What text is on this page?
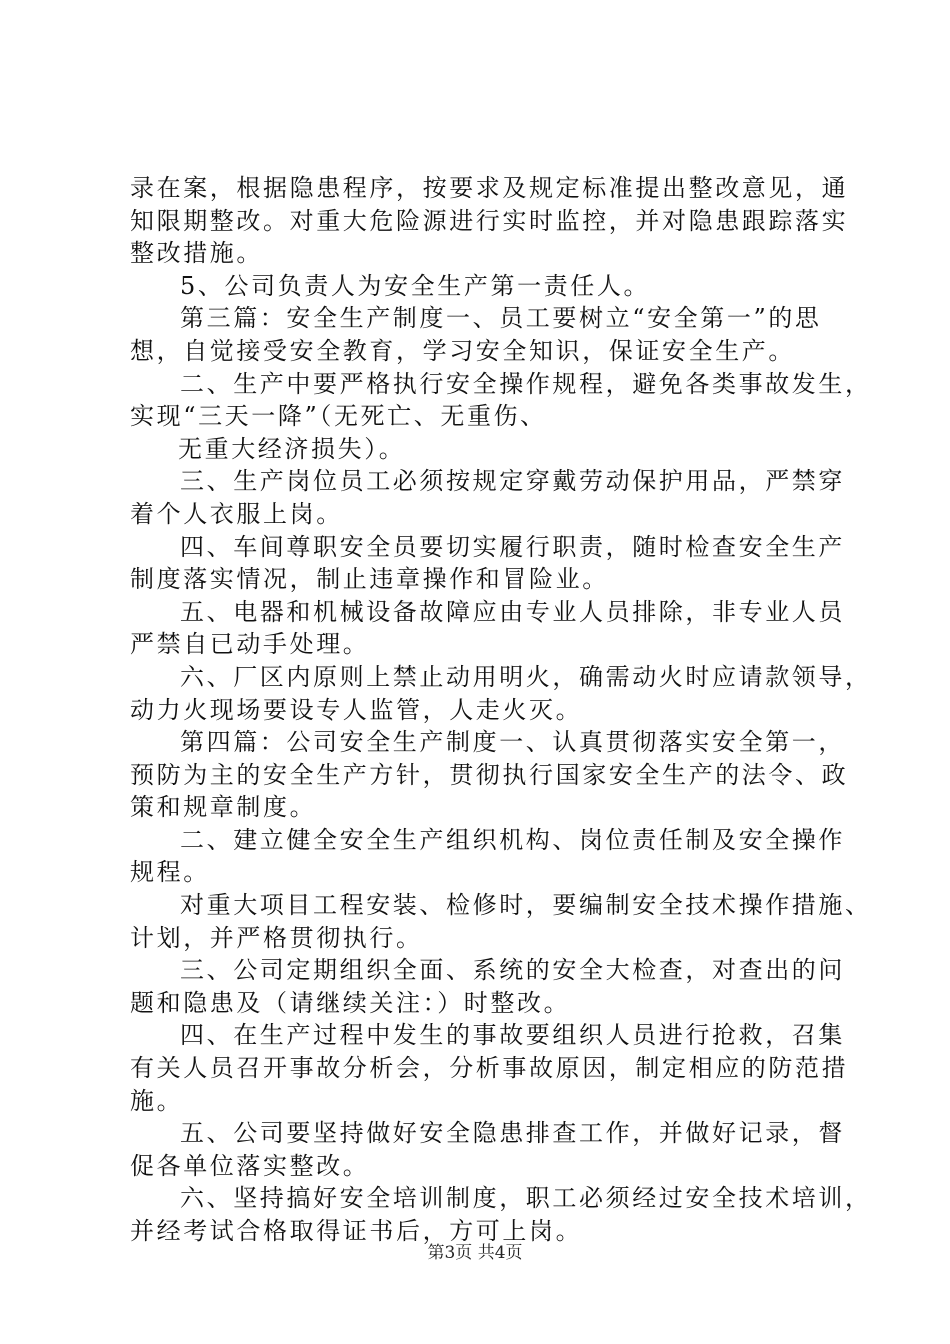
录在案，根据隐患程序，按要求及规定标准提出整改意见，通
知限期整改。对重大危险源进行实时监控，并对隐患跟踪落实
整改措施。
5、公司负责人为安全生产第一责任人。
第三篇：安全生产制度一、员工要树立“安全第一”的思
想，自觉接受安全教育，学习安全知识，保证安全生产。
二、生产中要严格执行安全操作规程，避免各类事故发生，
实现“三天一降”（无死亡、无重伤、
无重大经济损失）。
三、生产岗位员工必须按规定穿戴劳动保护用品，严禁穿
着个人衣服上岗。
四、车间尊职安全员要切实履行职责，随时检查安全生产
制度落实情况，制止违章操作和冒险业。
五、电器和机械设备故障应由专业人员排除，非专业人员
严禁自已动手处理。
六、厂区内原则上禁止动用明火，确需动火时应请款领导，
动力火现场要设专人监管，人走火灭。
第四篇：公司安全生产制度一、认真贯彻落实安全第一，
预防为主的安全生产方针，贯彻执行国家安全生产的法令、政
策和规章制度。
二、建立健全安全生产组织机构、岗位责任制及安全操作
规程。
对重大项目工程安装、检修时，要编制安全技术操作措施、
计划，并严格贯彻执行。
三、公司定期组织全面、系统的安全大检查，对查出的问
题和隐患及（请继续关注：）时整改。
四、在生产过程中发生的事故要组织人员进行抢救，召集
有关人员召开事故分析会，分析事故原因，制定相应的防范措
施。
五、公司要坚持做好安全隐患排查工作，并做好记录，督
促各单位落实整改。
六、坚持搞好安全培训制度，职工必须经过安全技术培训，
并经考试合格取得证书后，方可上岗。
第3页 共4页
